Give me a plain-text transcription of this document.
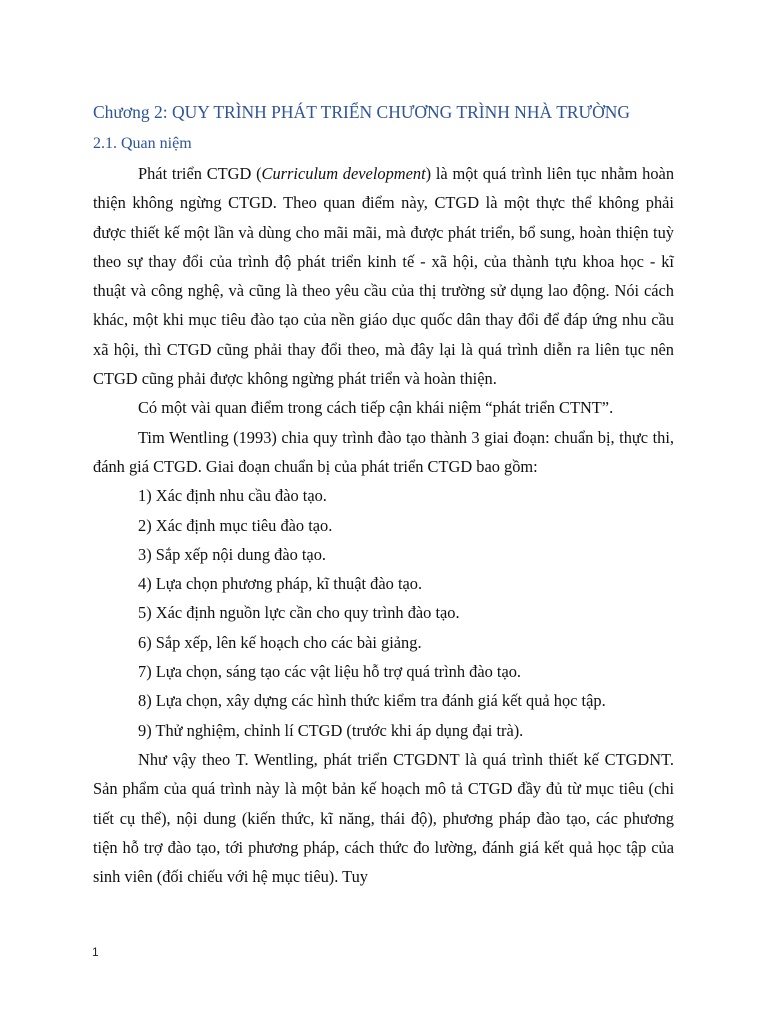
Chương 2: QUY TRÌNH PHÁT TRIỂN CHƯƠNG TRÌNH NHÀ TRƯỜNG
2.1. Quan niệm

Phát triển CTGD (Curriculum development) là một quá trình liên tục nhằm hoàn thiện không ngừng CTGD. Theo quan điểm này, CTGD là một thực thể không phải được thiết kế một lần và dùng cho mãi mãi, mà được phát triển, bổ sung, hoàn thiện tuỳ theo sự thay đổi của trình độ phát triển kinh tế - xã hội, của thành tựu khoa học - kĩ thuật và công nghệ, và cũng là theo yêu cầu của thị trường sử dụng lao động. Nói cách khác, một khi mục tiêu đào tạo của nền giáo dục quốc dân thay đổi để đáp ứng nhu cầu xã hội, thì CTGD cũng phải thay đổi theo, mà đây lại là quá trình diễn ra liên tục nên CTGD cũng phải được không ngừng phát triển và hoàn thiện.

Có một vài quan điểm trong cách tiếp cận khái niệm “phát triển CTNT”.

Tim Wentling (1993) chia quy trình đào tạo thành 3 giai đoạn: chuẩn bị, thực thi, đánh giá CTGD. Giai đoạn chuẩn bị của phát triển CTGD bao gồm:

1) Xác định nhu cầu đào tạo.

2) Xác định mục tiêu đào tạo.

3) Sắp xếp nội dung đào tạo.

4) Lựa chọn phương pháp, kĩ thuật đào tạo.

5) Xác định nguồn lực cần cho quy trình đào tạo.

6) Sắp xếp, lên kế hoạch cho các bài giảng.

7) Lựa chọn, sáng tạo các vật liệu hỗ trợ quá trình đào tạo.

8) Lựa chọn, xây dựng các hình thức kiểm tra đánh giá kết quả học tập.

9) Thử nghiệm, chỉnh lí CTGD (trước khi áp dụng đại trà).

Như vậy theo T. Wentling, phát triển CTGDNT là quá trình thiết kế CTGDNT. Sản phẩm của quá trình này là một bản kế hoạch mô tả CTGD đầy đủ từ mục tiêu (chi tiết cụ thể), nội dung (kiến thức, kĩ năng, thái độ), phương pháp đào tạo, các phương tiện hỗ trợ đào tạo, tới phương pháp, cách thức đo lường, đánh giá kết quả học tập của sinh viên (đối chiếu với hệ mục tiêu). Tuy

1
